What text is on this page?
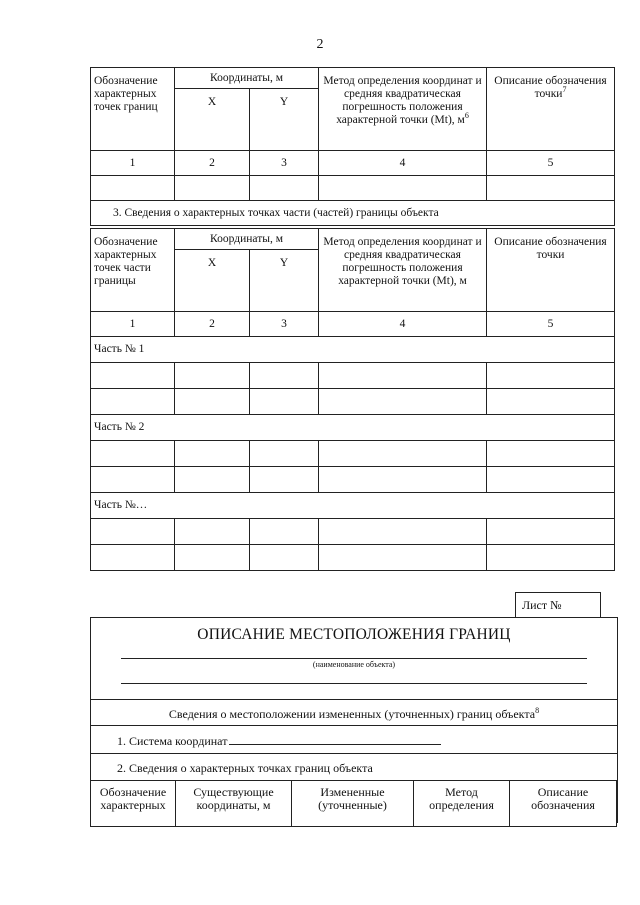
2
Обозначение характерных точек границ	Координаты, м		Метод определения координат и средняя квадратическая погрешность положения характерной точки (Mt), $м^6$	Описание обозначения точки$^7$
	X	Y		
1	2	3	4	5

3. Сведения о характерных точках части (частей) границы объекта				
Обозначение характерных точек части границы	Координаты, м		Метод определения координат и средняя квадратическая погрешность положения характерной точки (Mt), м	Описание обозначения точки
	X	Y		
1	2	3	4	5
Часть № 1				

Часть № 2				

Часть №…				

Лист №
ОПИСАНИЕ МЕСТОПОЛОЖЕНИЯ ГРАНИЦ
(наименование объекта)
Сведения о местоположении измененных (уточненных) границ объекта$^8$
1. Система координат
2. Сведения о характерных точках границ объекта
Обозначение характерных	Существующие координаты, м	Измененные (уточненные)	Метод определения	Описание обозначения
